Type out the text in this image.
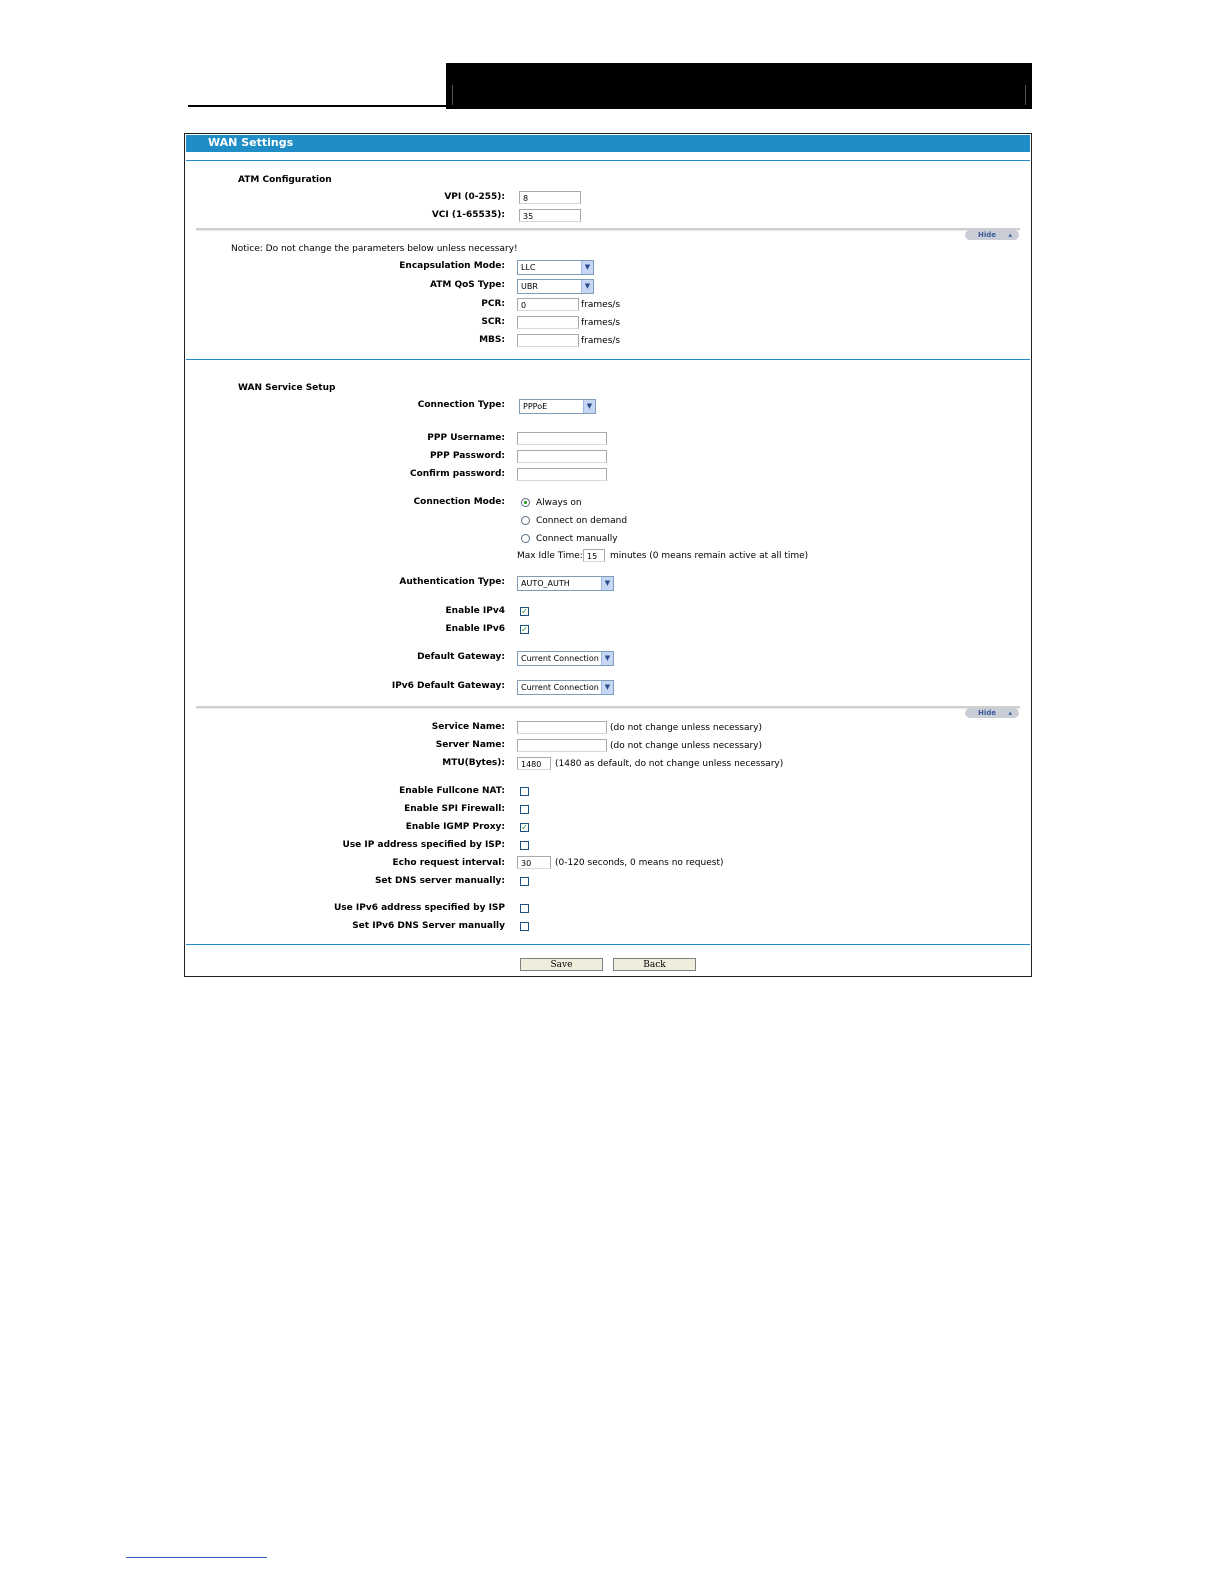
WAN Settings
ATM Configuration
VPI (0-255):	8
VCI (1-65535):	35
Hide ▴
Notice: Do not change the parameters below unless necessary!
Encapsulation Mode:	LLC	▼
ATM QoS Type:	UBR	▼
PCR:	0	frames/s
SCR:	frames/s
MBS:	frames/s
WAN Service Setup
Connection Type:	PPPoE	▼
PPP Username:
PPP Password:
Confirm password:
Connection Mode:	Always on
Connect on demand
Connect manually
Max Idle Time: 15	minutes (0 means remain active at all time)
Authentication Type:	AUTO_AUTH	▼
Enable IPv4 ✓
Enable IPv6 ✓
Default Gateway:	Current Connection ▼
IPv6 Default Gateway:	Current Connection ▼
Hide ▴
Service Name:	(do not change unless necessary)
Server Name:	(do not change unless necessary)
MTU(Bytes):	1480	(1480 as default, do not change unless necessary)
Enable Fullcone NAT:
Enable SPI Firewall:
Enable IGMP Proxy: ✓
Use IP address specified by ISP:
Echo request interval:	30	(0-120 seconds, 0 means no request)
Set DNS server manually:
Use IPv6 address specified by ISP
Set IPv6 DNS Server manually
Save	Back
